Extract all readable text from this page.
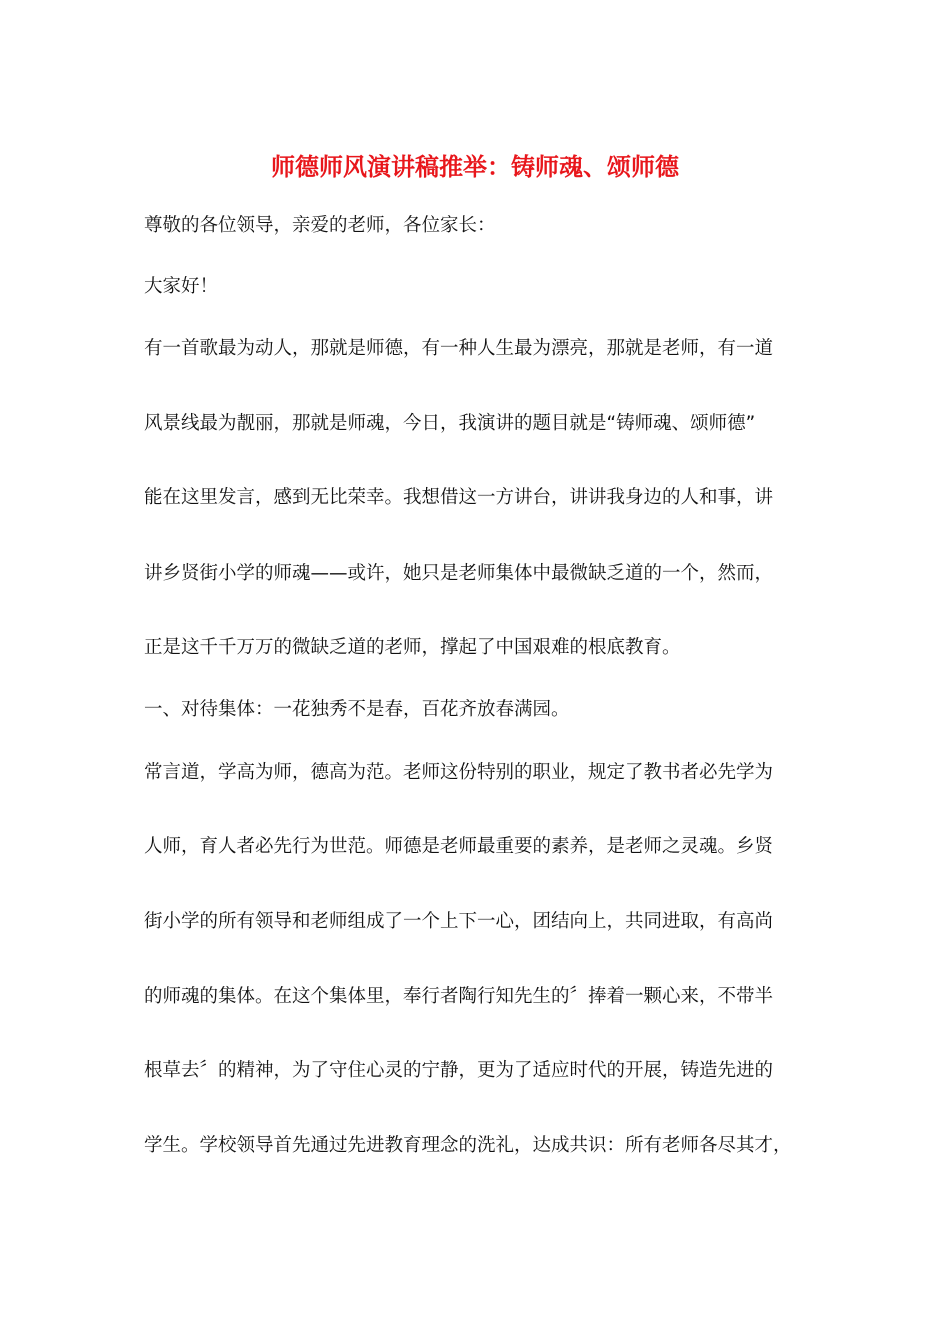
师德师风演讲稿推举：铸师魂、颂师德
尊敬的各位领导，亲爱的老师，各位家长：
大家好！
有一首歌最为动人，那就是师德，有一种人生最为漂亮，那就是老师，有一道
风景线最为靓丽，那就是师魂，今日，我演讲的题目就是“铸师魂、颂师德”
能在这里发言，感到无比荣幸。我想借这一方讲台，讲讲我身边的人和事，讲
讲乡贤街小学的师魂——或许，她只是老师集体中最微缺乏道的一个，然而，
正是这千千万万的微缺乏道的老师，撑起了中国艰难的根底教育。
一、对待集体：一花独秀不是春，百花齐放春满园。
常言道，学高为师，德高为范。老师这份特别的职业，规定了教书者必先学为
人师，育人者必先行为世范。师德是老师最重要的素养，是老师之灵魂。乡贤
街小学的所有领导和老师组成了一个上下一心，团结向上，共同进取，有高尚
的师魂的集体。在这个集体里，奉行者陶行知先生的〞捧着一颗心来，不带半
根草去〞的精神，为了守住心灵的宁静，更为了适应时代的开展，铸造先进的
学生。学校领导首先通过先进教育理念的洗礼，达成共识：所有老师各尽其才，
